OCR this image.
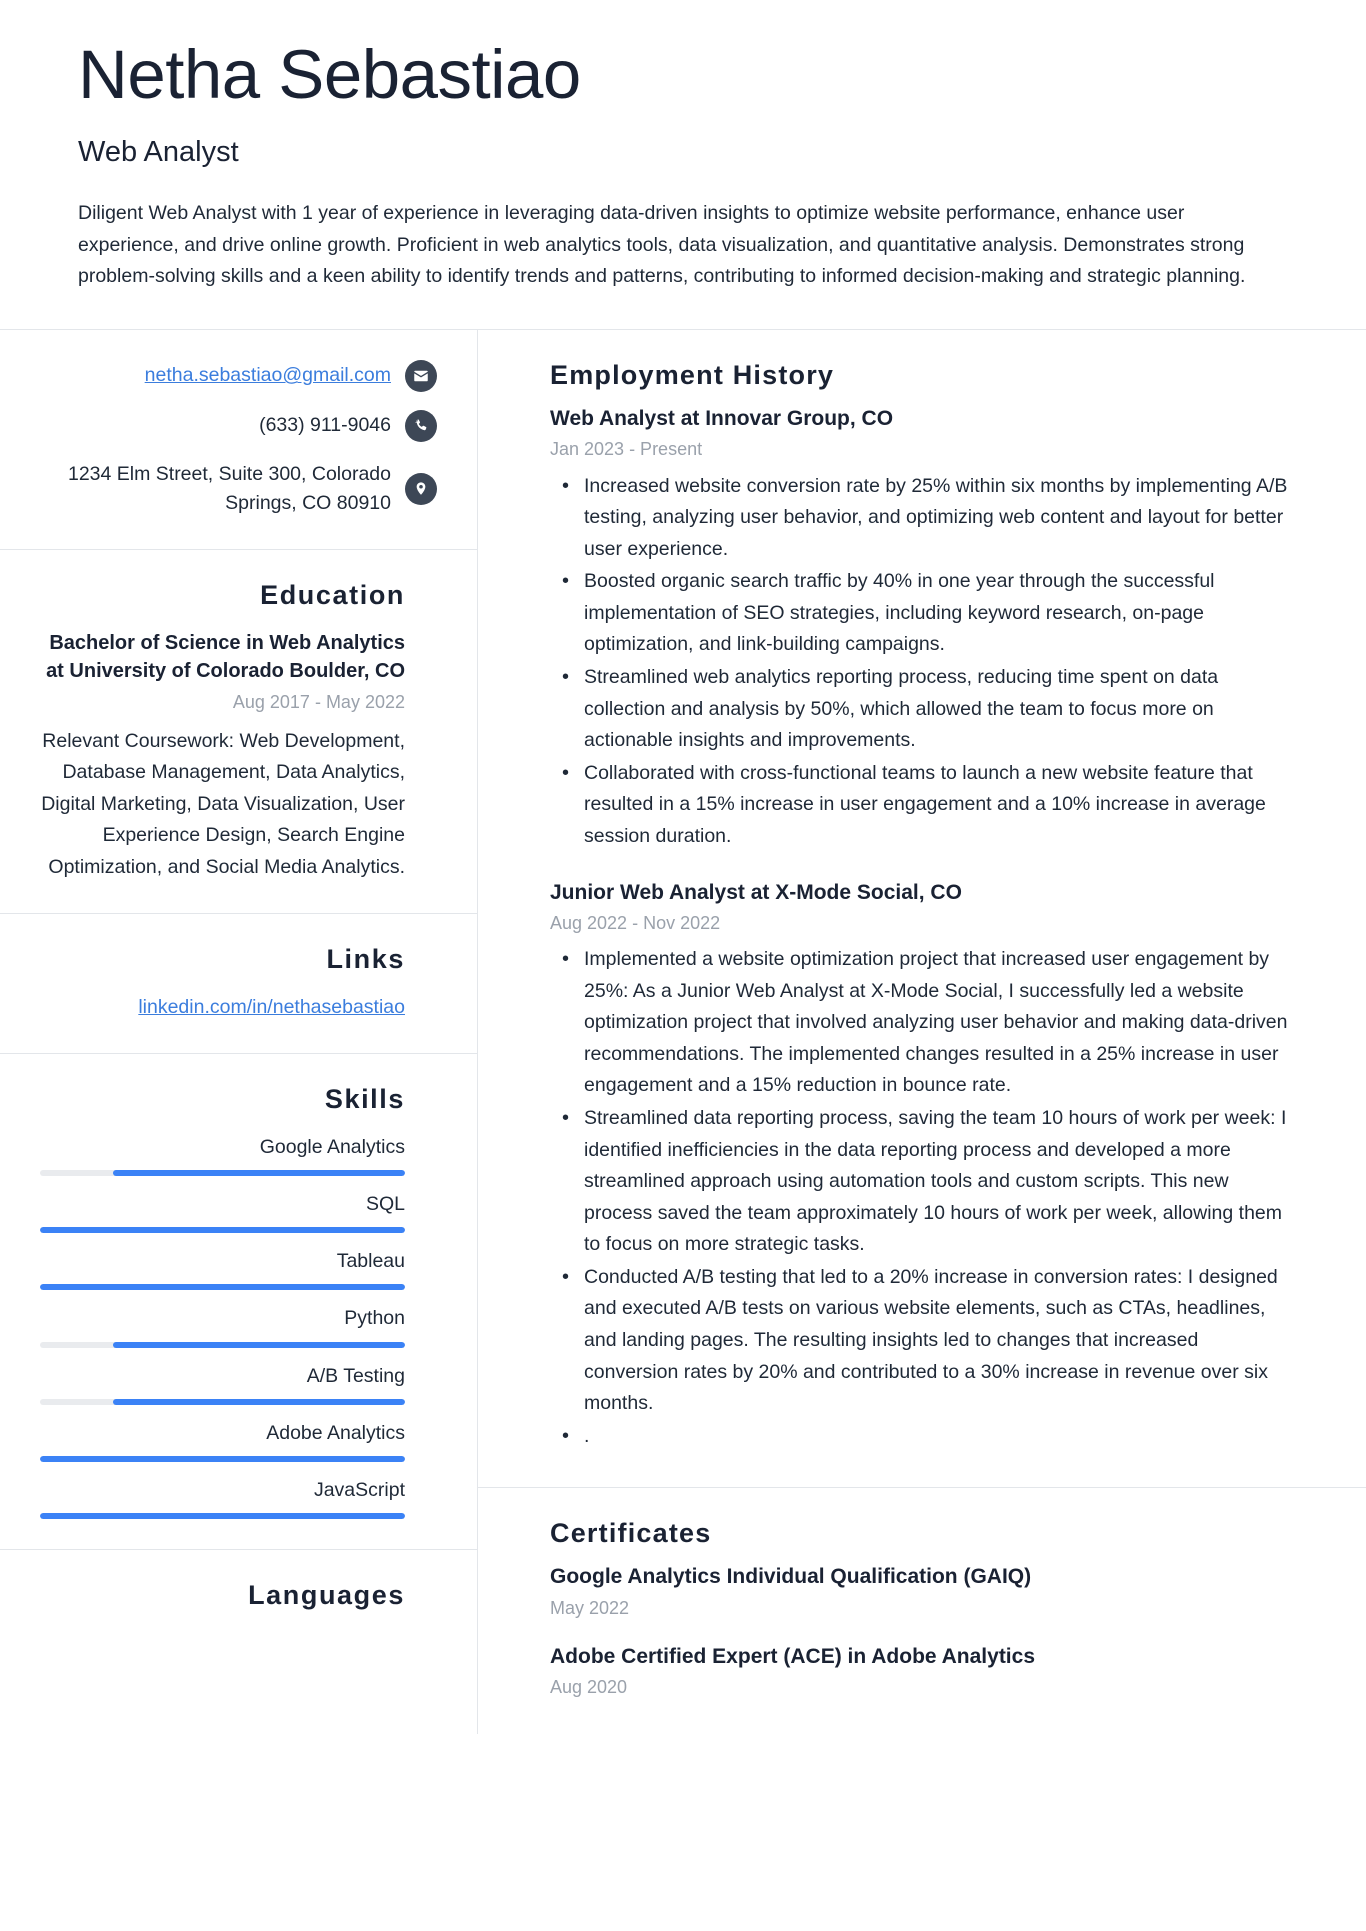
Netha Sebastiao
Web Analyst
Diligent Web Analyst with 1 year of experience in leveraging data-driven insights to optimize website performance, enhance user experience, and drive online growth. Proficient in web analytics tools, data visualization, and quantitative analysis. Demonstrates strong problem-solving skills and a keen ability to identify trends and patterns, contributing to informed decision-making and strategic planning.
netha.sebastiao@gmail.com
(633) 911-9046
1234 Elm Street, Suite 300, Colorado Springs, CO 80910
Education
Bachelor of Science in Web Analytics at University of Colorado Boulder, CO
Aug 2017 - May 2022
Relevant Coursework: Web Development, Database Management, Data Analytics, Digital Marketing, Data Visualization, User Experience Design, Search Engine Optimization, and Social Media Analytics.
Links
linkedin.com/in/nethasebastiao
Skills
Google Analytics
SQL
Tableau
Python
A/B Testing
Adobe Analytics
JavaScript
Languages
Employment History
Web Analyst at Innovar Group, CO
Jan 2023 - Present
• Increased website conversion rate by 25% within six months by implementing A/B testing, analyzing user behavior, and optimizing web content and layout for better user experience.
• Boosted organic search traffic by 40% in one year through the successful implementation of SEO strategies, including keyword research, on-page optimization, and link-building campaigns.
• Streamlined web analytics reporting process, reducing time spent on data collection and analysis by 50%, which allowed the team to focus more on actionable insights and improvements.
• Collaborated with cross-functional teams to launch a new website feature that resulted in a 15% increase in user engagement and a 10% increase in average session duration.
Junior Web Analyst at X-Mode Social, CO
Aug 2022 - Nov 2022
• Implemented a website optimization project that increased user engagement by 25%: As a Junior Web Analyst at X-Mode Social, I successfully led a website optimization project that involved analyzing user behavior and making data-driven recommendations. The implemented changes resulted in a 25% increase in user engagement and a 15% reduction in bounce rate.
• Streamlined data reporting process, saving the team 10 hours of work per week: I identified inefficiencies in the data reporting process and developed a more streamlined approach using automation tools and custom scripts. This new process saved the team approximately 10 hours of work per week, allowing them to focus on more strategic tasks.
• Conducted A/B testing that led to a 20% increase in conversion rates: I designed and executed A/B tests on various website elements, such as CTAs, headlines, and landing pages. The resulting insights led to changes that increased conversion rates by 20% and contributed to a 30% increase in revenue over six months.
• .
Certificates
Google Analytics Individual Qualification (GAIQ)
May 2022
Adobe Certified Expert (ACE) in Adobe Analytics
Aug 2020
